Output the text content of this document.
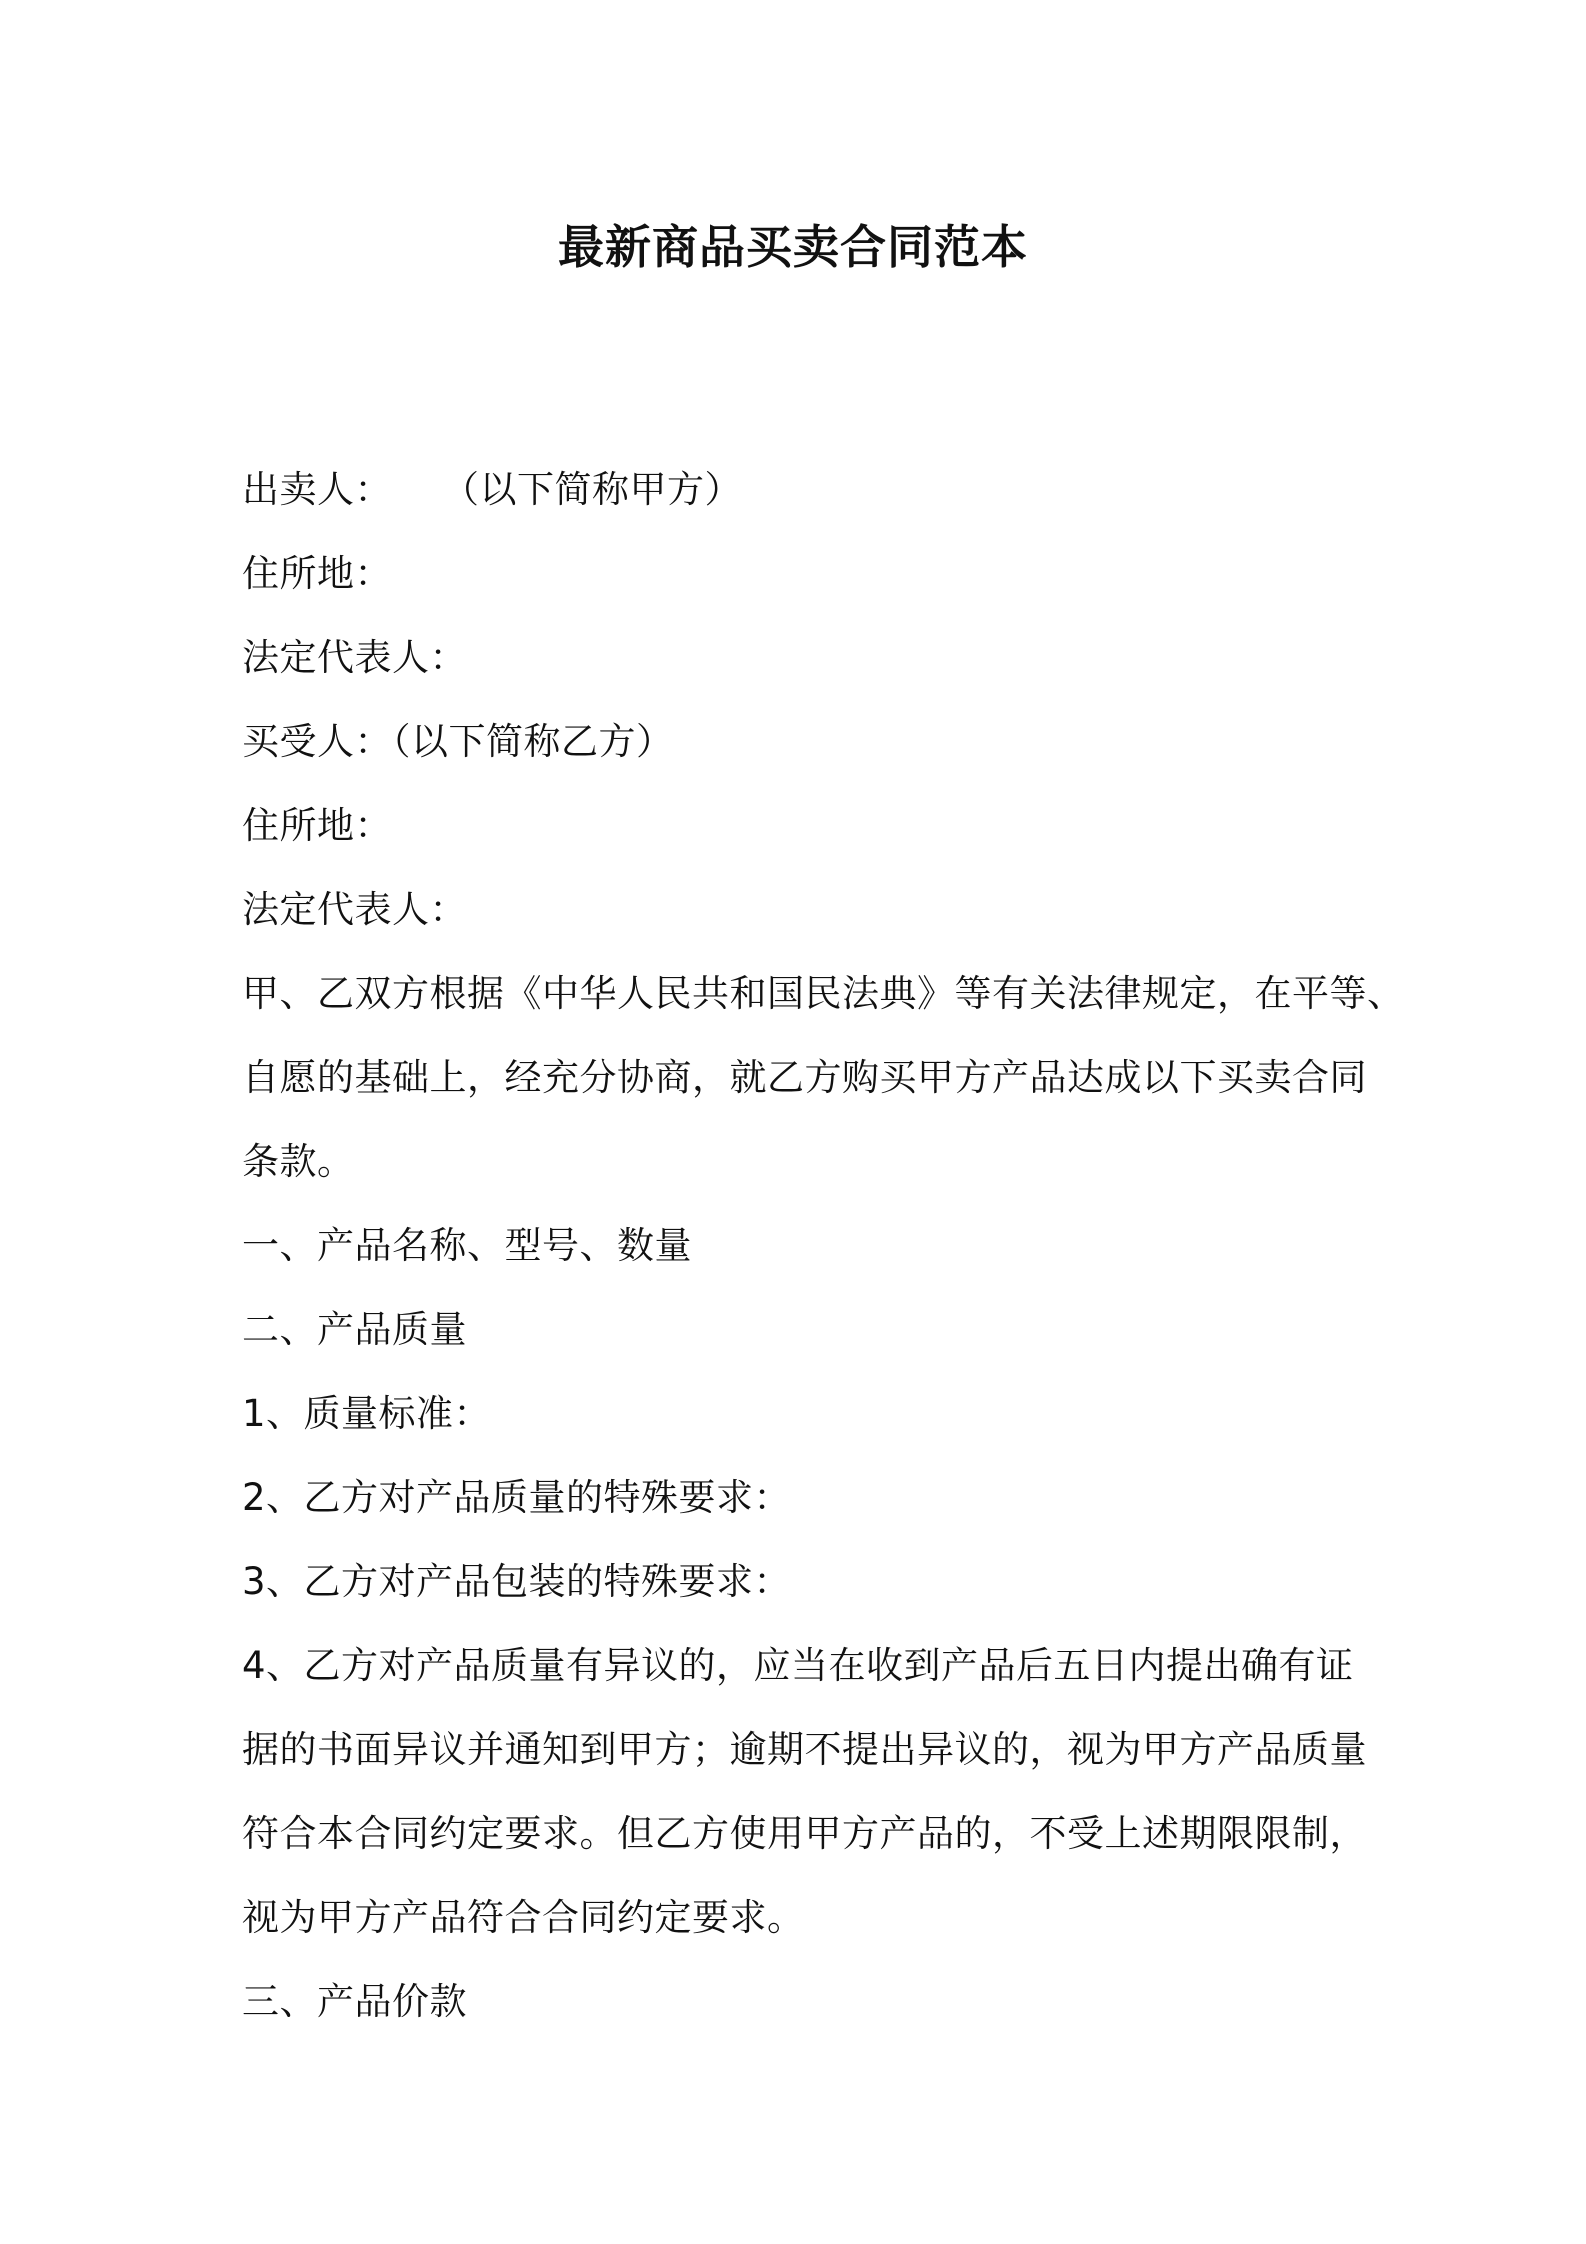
最新商品买卖合同范本
出卖人： （以下简称甲方）
住所地：
法定代表人：
买受人：（以下简称乙方）
住所地：
法定代表人：
甲、乙双方根据《中华人民共和国民法典》等有关法律规定，在平等、
自愿的基础上，经充分协商，就乙方购买甲方产品达成以下买卖合同
条款。
一、产品名称、型号、数量
二、产品质量
1、质量标准：
2、乙方对产品质量的特殊要求：
3、乙方对产品包装的特殊要求：
4、乙方对产品质量有异议的，应当在收到产品后五日内提出确有证
据的书面异议并通知到甲方；逾期不提出异议的，视为甲方产品质量
符合本合同约定要求。但乙方使用甲方产品的，不受上述期限限制，
视为甲方产品符合合同约定要求。
三、产品价款
